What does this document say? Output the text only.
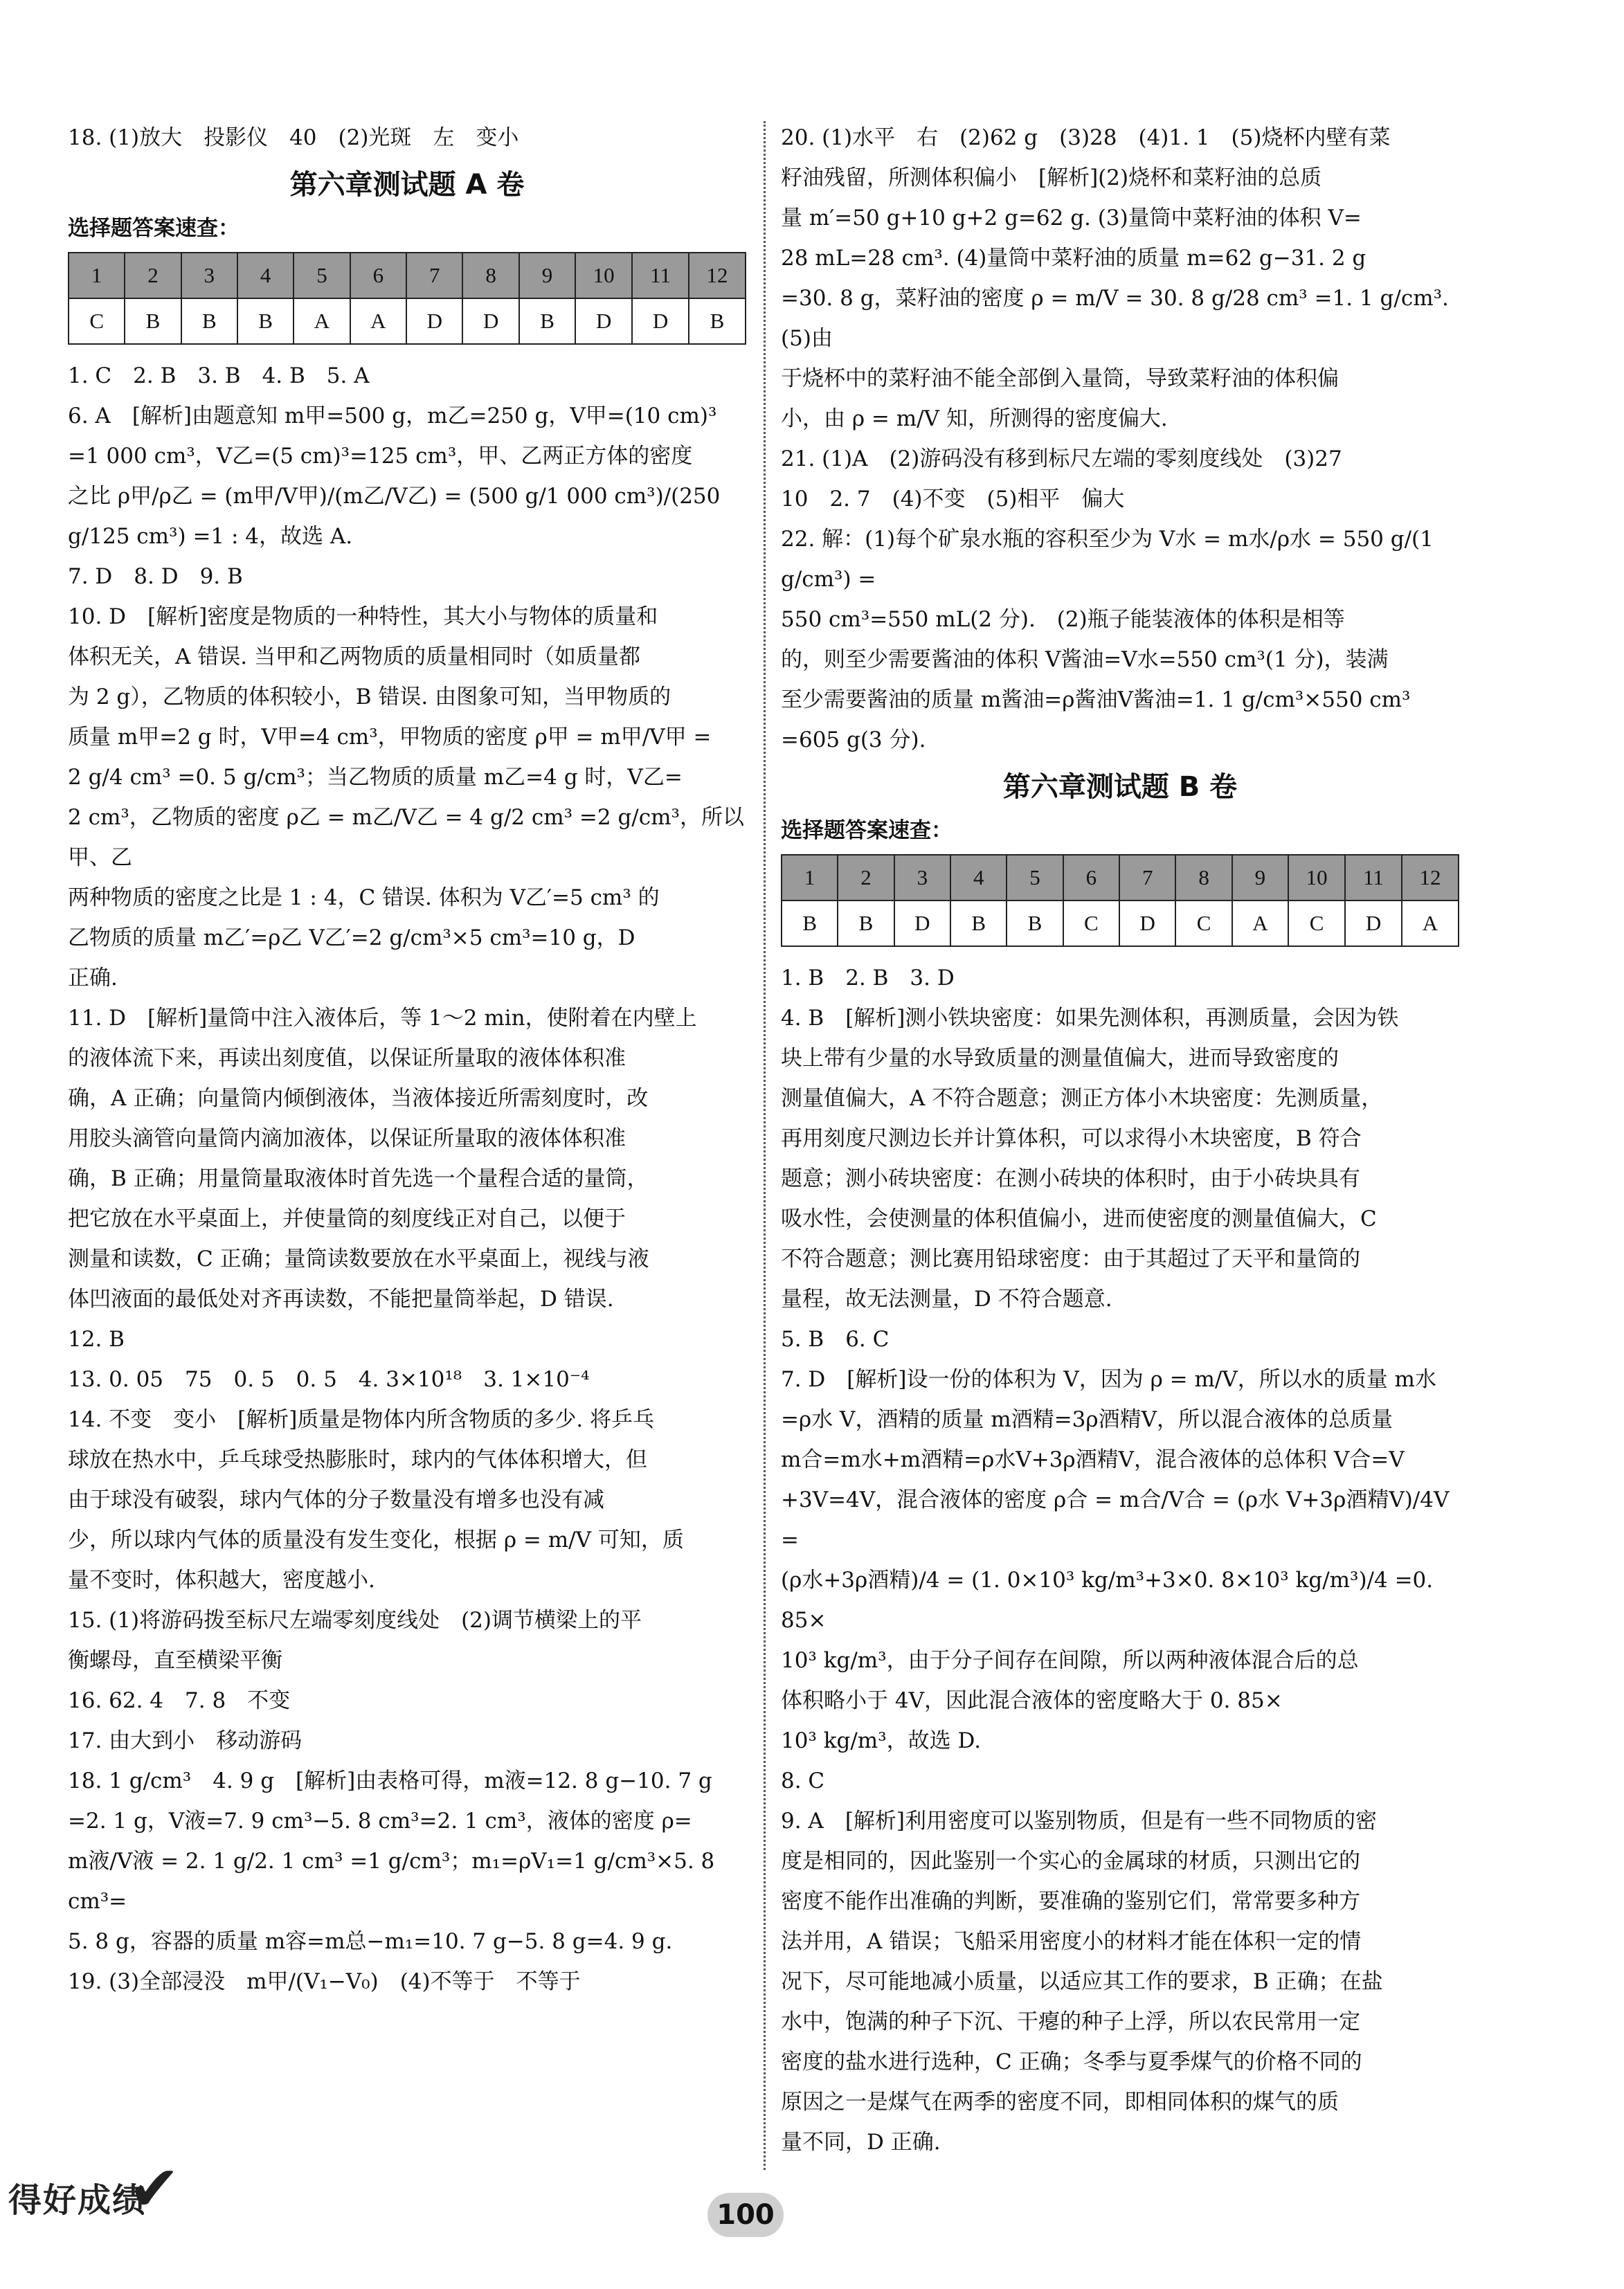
18. (1)放大　投影仪　40　(2)光斑　左　变小
第六章测试题 A 卷
选择题答案速查：
1	2	3	4	5	6	7	8	9	10	11	12
C	B	B	B	A	A	D	D	B	D	D	B
1. C　2. B　3. B　4. B　5. A
6. A　[解析]由题意知 m甲=500 g，m乙=250 g，V甲=(10 cm)³
=1 000 cm³，V乙=(5 cm)³=125 cm³，甲、乙两正方体的密度
之比 ρ甲/ρ乙 = (m甲/V甲)/(m乙/V乙) = (500 g/1 000 cm³)/(250 g/125 cm³) =1 : 4，故选 A.
7. D　8. D　9. B
10. D　[解析]密度是物质的一种特性，其大小与物体的质量和
体积无关，A 错误. 当甲和乙两物质的质量相同时（如质量都
为 2 g），乙物质的体积较小，B 错误. 由图象可知，当甲物质的
质量 m甲=2 g 时，V甲=4 cm³，甲物质的密度 ρ甲 = m甲/V甲 =
2 g/4 cm³ =0. 5 g/cm³；当乙物质的质量 m乙=4 g 时，V乙=
2 cm³，乙物质的密度 ρ乙 = m乙/V乙 = 4 g/2 cm³ =2 g/cm³，所以甲、乙
两种物质的密度之比是 1 : 4，C 错误. 体积为 V乙′=5 cm³ 的
乙物质的质量 m乙′=ρ乙 V乙′=2 g/cm³×5 cm³=10 g，D
正确.
11. D　[解析]量筒中注入液体后，等 1～2 min，使附着在内壁上
的液体流下来，再读出刻度值，以保证所量取的液体体积准
确，A 正确；向量筒内倾倒液体，当液体接近所需刻度时，改
用胶头滴管向量筒内滴加液体，以保证所量取的液体体积准
确，B 正确；用量筒量取液体时首先选一个量程合适的量筒，
把它放在水平桌面上，并使量筒的刻度线正对自己，以便于
测量和读数，C 正确；量筒读数要放在水平桌面上，视线与液
体凹液面的最低处对齐再读数，不能把量筒举起，D 错误.
12. B
13. 0. 05　75　0. 5　0. 5　4. 3×10¹⁸　3. 1×10⁻⁴
14. 不变　变小　[解析]质量是物体内所含物质的多少. 将乒乓
球放在热水中，乒乓球受热膨胀时，球内的气体体积增大，但
由于球没有破裂，球内气体的分子数量没有增多也没有减
少，所以球内气体的质量没有发生变化，根据 ρ = m/V 可知，质
量不变时，体积越大，密度越小.
15. (1)将游码拨至标尺左端零刻度线处　(2)调节横梁上的平
衡螺母，直至横梁平衡
16. 62. 4　7. 8　不变
17. 由大到小　移动游码
18. 1 g/cm³　4. 9 g　[解析]由表格可得，m液=12. 8 g−10. 7 g
=2. 1 g，V液=7. 9 cm³−5. 8 cm³=2. 1 cm³，液体的密度 ρ=
m液/V液 = 2. 1 g/2. 1 cm³ =1 g/cm³；m₁=ρV₁=1 g/cm³×5. 8 cm³=
5. 8 g，容器的质量 m容=m总−m₁=10. 7 g−5. 8 g=4. 9 g.
19. (3)全部浸没　m甲/(V₁−V₀)　(4)不等于　不等于
20. (1)水平　右　(2)62 g　(3)28　(4)1. 1　(5)烧杯内壁有菜
籽油残留，所测体积偏小　[解析](2)烧杯和菜籽油的总质
量 m′=50 g+10 g+2 g=62 g. (3)量筒中菜籽油的体积 V=
28 mL=28 cm³. (4)量筒中菜籽油的质量 m=62 g−31. 2 g
=30. 8 g，菜籽油的密度 ρ = m/V = 30. 8 g/28 cm³ =1. 1 g/cm³. (5)由
于烧杯中的菜籽油不能全部倒入量筒，导致菜籽油的体积偏
小，由 ρ = m/V 知，所测得的密度偏大.
21. (1)A　(2)游码没有移到标尺左端的零刻度线处　(3)27
10　2. 7　(4)不变　(5)相平　偏大
22. 解：(1)每个矿泉水瓶的容积至少为 V水 = m水/ρ水 = 550 g/(1 g/cm³) =
550 cm³=550 mL(2 分).　(2)瓶子能装液体的体积是相等
的，则至少需要酱油的体积 V酱油=V水=550 cm³(1 分)，装满
至少需要酱油的质量 m酱油=ρ酱油V酱油=1. 1 g/cm³×550 cm³
=605 g(3 分).
第六章测试题 B 卷
选择题答案速查：
1	2	3	4	5	6	7	8	9	10	11	12
B	B	D	B	B	C	D	C	A	C	D	A
1. B　2. B　3. D
4. B　[解析]测小铁块密度：如果先测体积，再测质量，会因为铁
块上带有少量的水导致质量的测量值偏大，进而导致密度的
测量值偏大，A 不符合题意；测正方体小木块密度：先测质量，
再用刻度尺测边长并计算体积，可以求得小木块密度，B 符合
题意；测小砖块密度：在测小砖块的体积时，由于小砖块具有
吸水性，会使测量的体积值偏小，进而使密度的测量值偏大，C
不符合题意；测比赛用铅球密度：由于其超过了天平和量筒的
量程，故无法测量，D 不符合题意.
5. B　6. C
7. D　[解析]设一份的体积为 V，因为 ρ = m/V，所以水的质量 m水
=ρ水 V，酒精的质量 m酒精=3ρ酒精V，所以混合液体的总质量
m合=m水+m酒精=ρ水V+3ρ酒精V，混合液体的总体积 V合=V
+3V=4V，混合液体的密度 ρ合 = m合/V合 = (ρ水 V+3ρ酒精V)/4V =
(ρ水+3ρ酒精)/4 = (1. 0×10³ kg/m³+3×0. 8×10³ kg/m³)/4 =0. 85×
10³ kg/m³，由于分子间存在间隙，所以两种液体混合后的总
体积略小于 4V，因此混合液体的密度略大于 0. 85×
10³ kg/m³，故选 D.
8. C
9. A　[解析]利用密度可以鉴别物质，但是有一些不同物质的密
度是相同的，因此鉴别一个实心的金属球的材质，只测出它的
密度不能作出准确的判断，要准确的鉴别它们，常常要多种方
法并用，A 错误；飞船采用密度小的材料才能在体积一定的情
况下，尽可能地减小质量，以适应其工作的要求，B 正确；在盐
水中，饱满的种子下沉、干瘪的种子上浮，所以农民常用一定
密度的盐水进行选种，C 正确；冬季与夏季煤气的价格不同的
原因之一是煤气在两季的密度不同，即相同体积的煤气的质
量不同，D 正确.
得好成绩
✔	100
